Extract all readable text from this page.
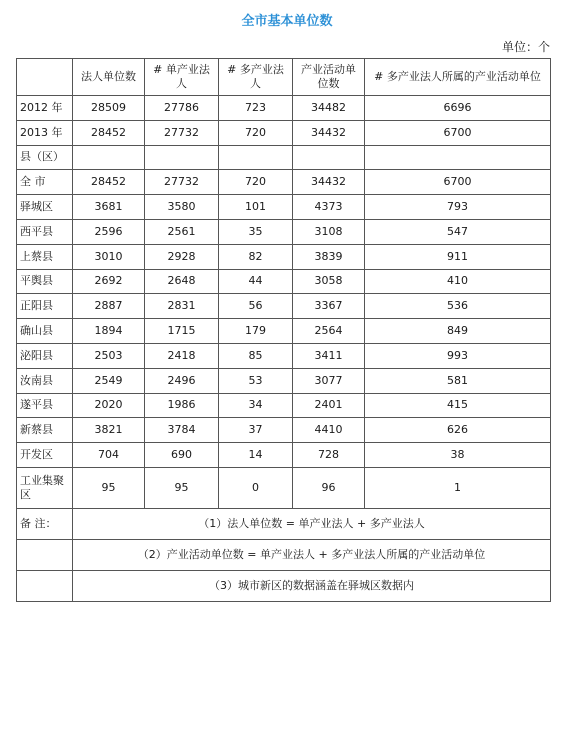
全市基本单位数
单位：个
	法人单位数	# 单产业法人	# 多产业法人	产业活动单位数	# 多产业法人所属的产业活动单位
2012 年	28509	27786	723	34482	6696
2013 年	28452	27732	720	34432	6700
县（区）					
全 市	28452	27732	720	34432	6700
驿城区	3681	3580	101	4373	793
西平县	2596	2561	35	3108	547
上蔡县	3010	2928	82	3839	911
平舆县	2692	2648	44	3058	410
正阳县	2887	2831	56	3367	536
确山县	1894	1715	179	2564	849
泌阳县	2503	2418	85	3411	993
汝南县	2549	2496	53	3077	581
遂平县	2020	1986	34	2401	415
新蔡县	3821	3784	37	4410	626
开发区	704	690	14	728	38
工业集聚区	95	95	0	96	1
备 注：	（1）法人单位数 = 单产业法人 + 多产业法人				
	（2）产业活动单位数 = 单产业法人 + 多产业法人所属的产业活动单位				
	（3）城市新区的数据涵盖在驿城区数据内				
